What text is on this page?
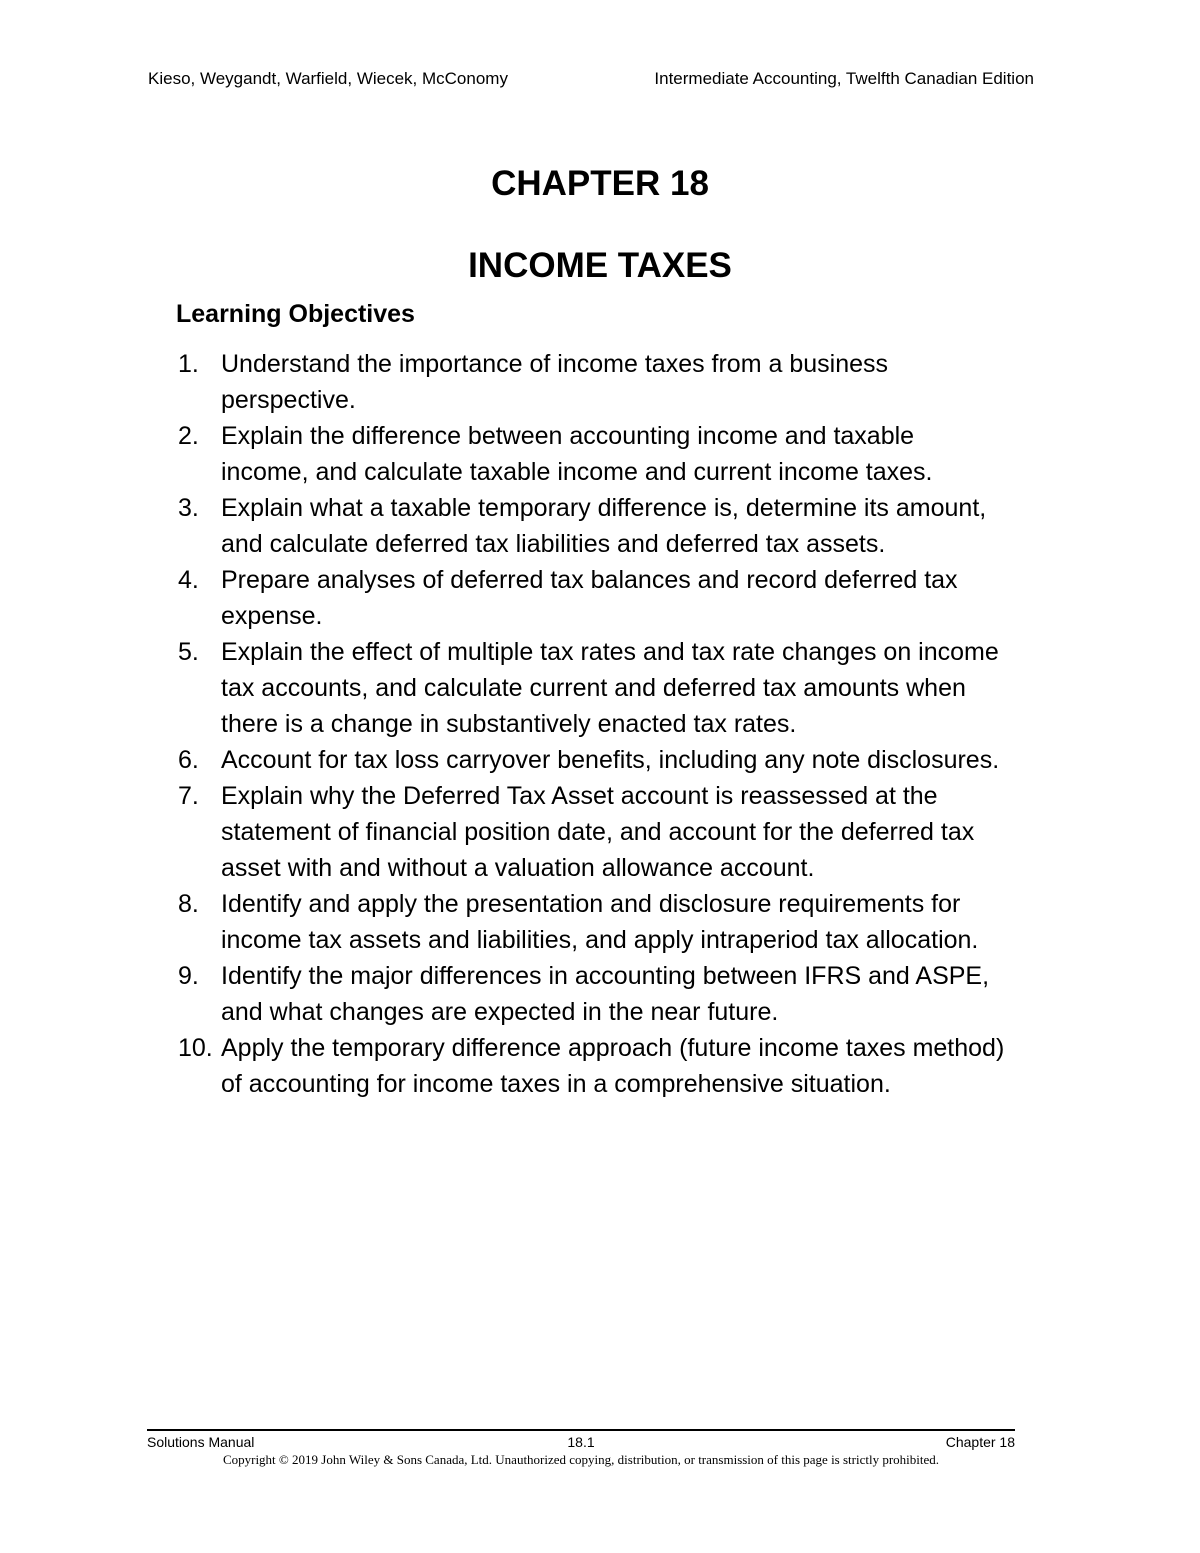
Kieso, Weygandt, Warfield, Wiecek, McConomy	Intermediate Accounting, Twelfth Canadian Edition
CHAPTER 18
INCOME TAXES
Learning Objectives
1. Understand the importance of income taxes from a business perspective.
2. Explain the difference between accounting income and taxable income, and calculate taxable income and current income taxes.
3. Explain what a taxable temporary difference is, determine its amount, and calculate deferred tax liabilities and deferred tax assets.
4. Prepare analyses of deferred tax balances and record deferred tax expense.
5. Explain the effect of multiple tax rates and tax rate changes on income tax accounts, and calculate current and deferred tax amounts when there is a change in substantively enacted tax rates.
6. Account for tax loss carryover benefits, including any note disclosures.
7. Explain why the Deferred Tax Asset account is reassessed at the statement of financial position date, and account for the deferred tax asset with and without a valuation allowance account.
8. Identify and apply the presentation and disclosure requirements for income tax assets and liabilities, and apply intraperiod tax allocation.
9. Identify the major differences in accounting between IFRS and ASPE, and what changes are expected in the near future.
10. Apply the temporary difference approach (future income taxes method) of accounting for income taxes in a comprehensive situation.
Solutions Manual	18.1	Chapter 18
Copyright © 2019 John Wiley & Sons Canada, Ltd. Unauthorized copying, distribution, or transmission of this page is strictly prohibited.
